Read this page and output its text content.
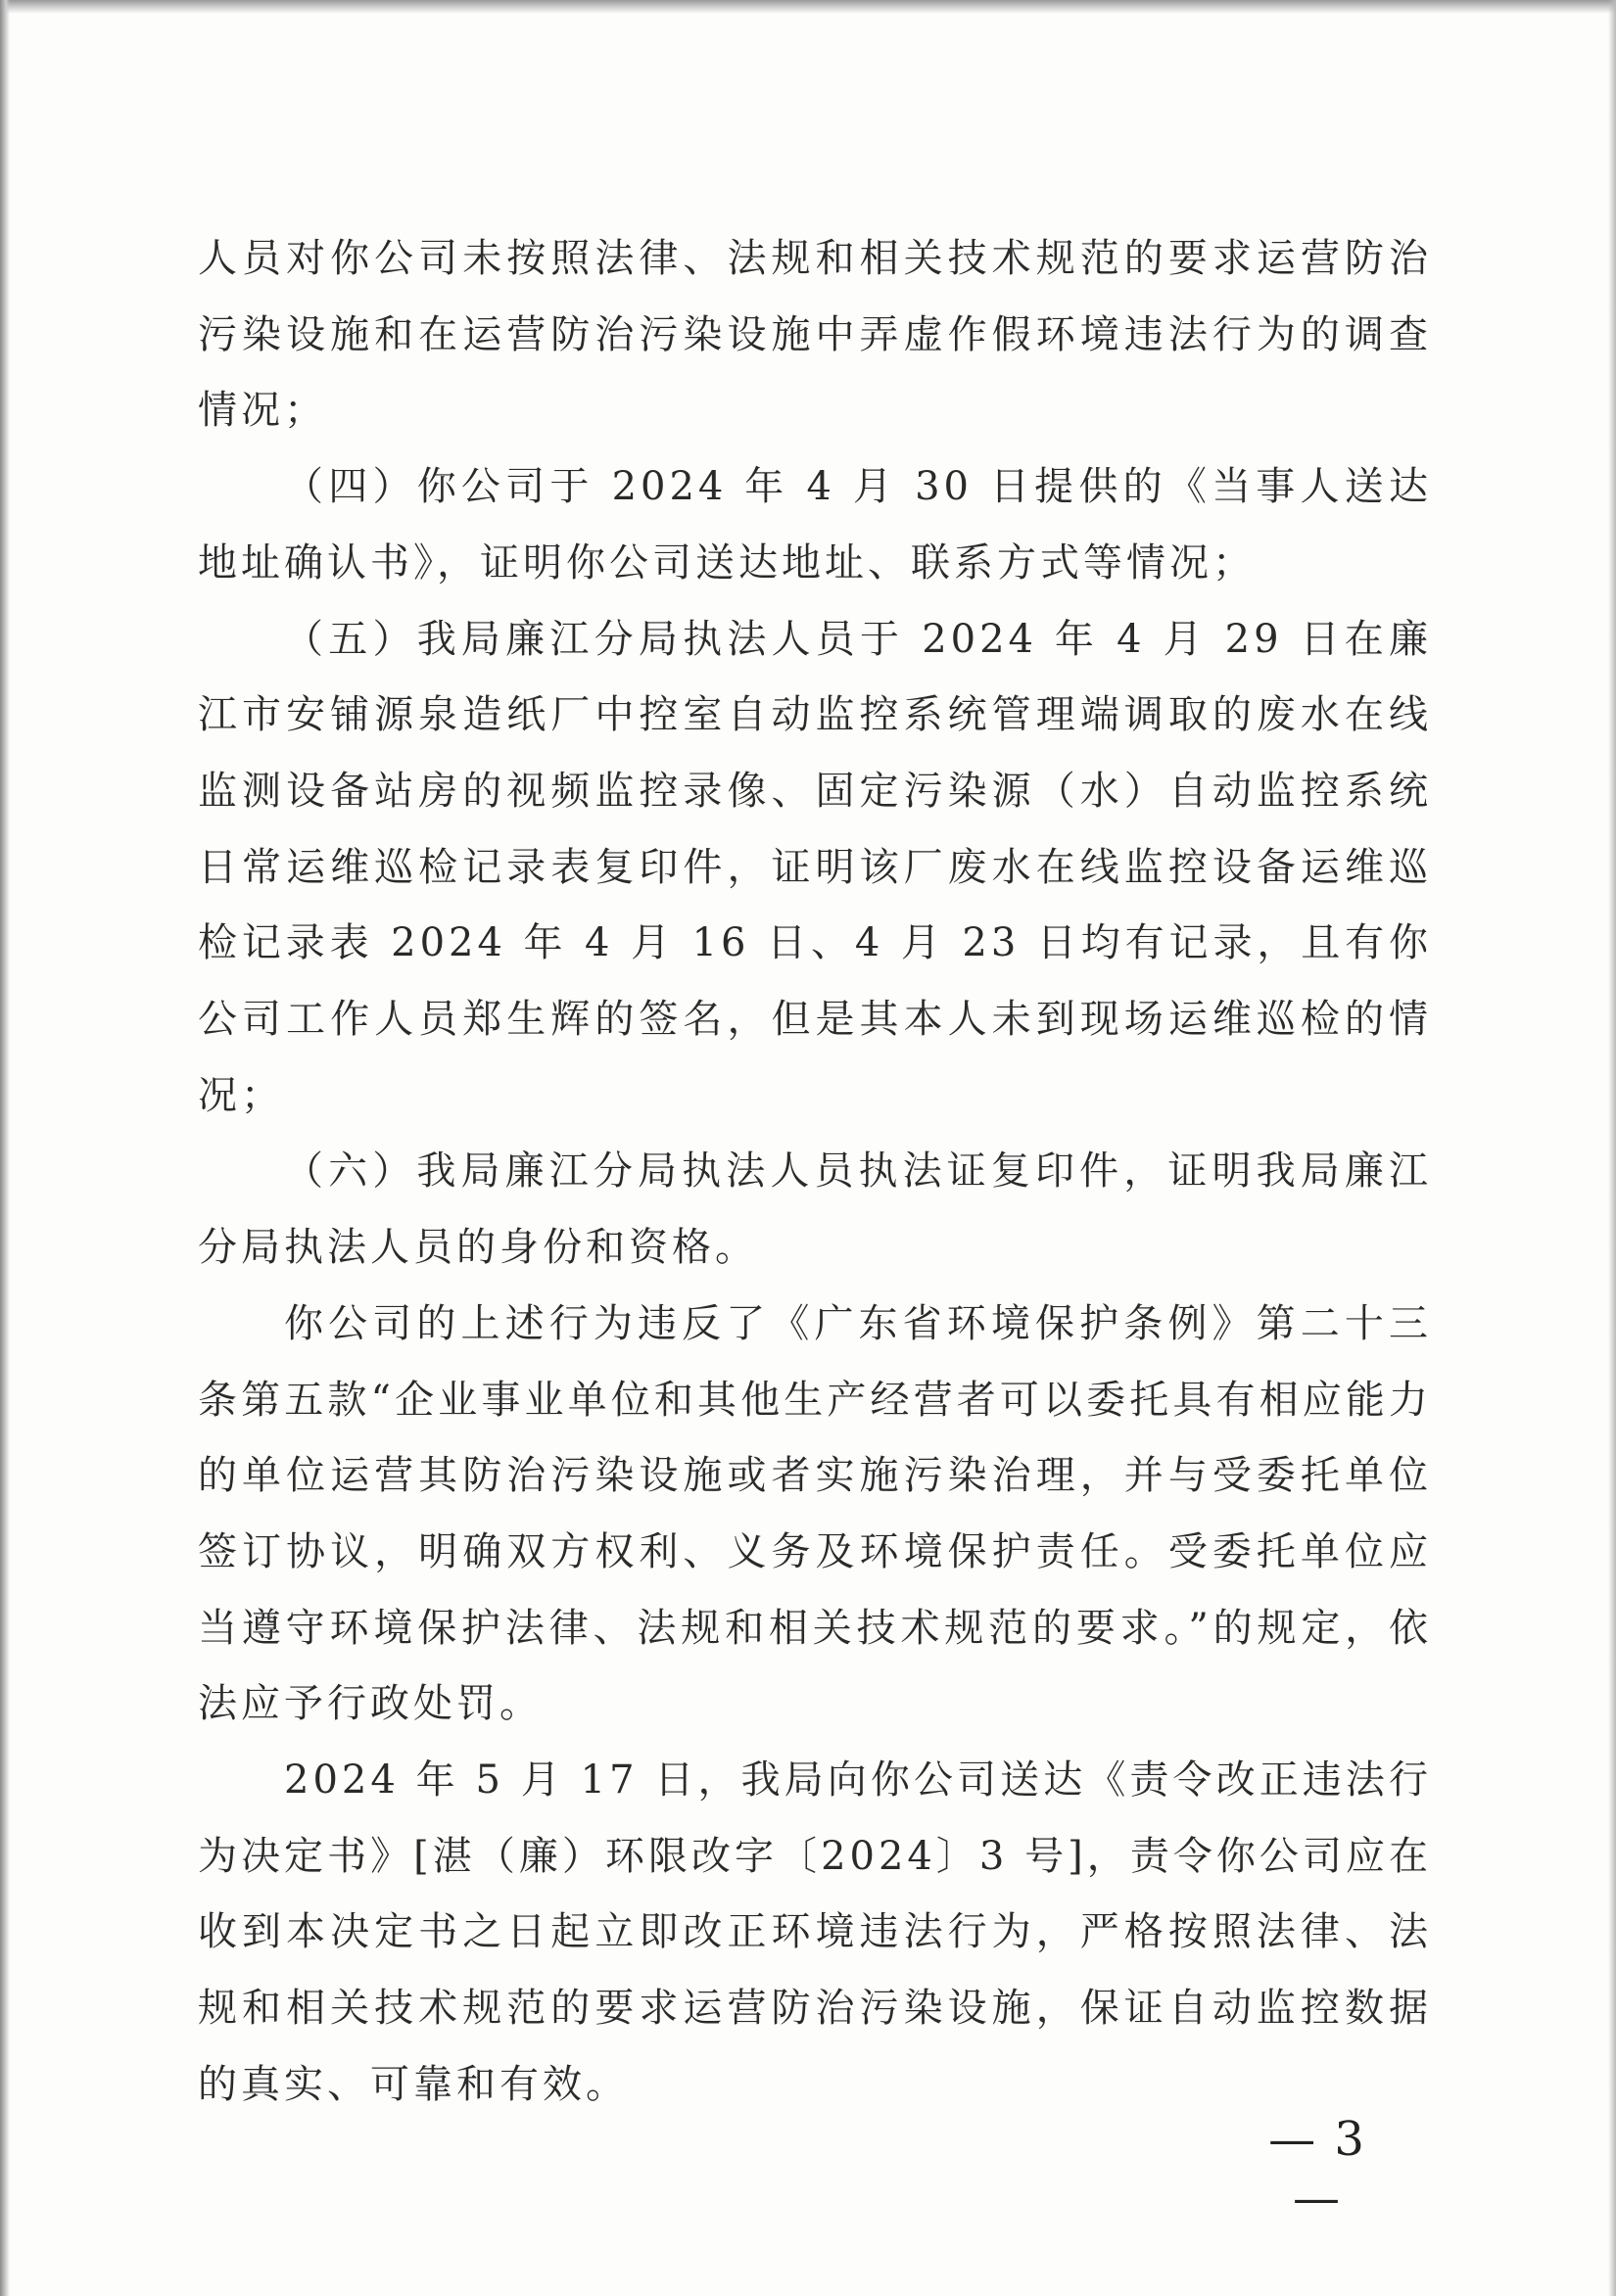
人员对你公司未按照法律、法规和相关技术规范的要求运营防治污染设施和在运营防治污染设施中弄虚作假环境违法行为的调查情况；

（四）你公司于 2024 年 4 月 30 日提供的《当事人送达地址确认书》，证明你公司送达地址、联系方式等情况；

（五）我局廉江分局执法人员于 2024 年 4 月 29 日在廉江市安铺源泉造纸厂中控室自动监控系统管理端调取的废水在线监测设备站房的视频监控录像、固定污染源（水）自动监控系统日常运维巡检记录表复印件，证明该厂废水在线监控设备运维巡检记录表 2024 年 4 月 16 日、4 月 23 日均有记录，且有你公司工作人员郑生辉的签名，但是其本人未到现场运维巡检的情况；

（六）我局廉江分局执法人员执法证复印件，证明我局廉江分局执法人员的身份和资格。

你公司的上述行为违反了《广东省环境保护条例》第二十三条第五款“企业事业单位和其他生产经营者可以委托具有相应能力的单位运营其防治污染设施或者实施污染治理，并与受委托单位签订协议，明确双方权利、义务及环境保护责任。受委托单位应当遵守环境保护法律、法规和相关技术规范的要求。”的规定，依法应予行政处罚。

2024 年 5 月 17 日，我局向你公司送达《责令改正违法行为决定书》[湛（廉）环限改字〔2024〕3 号]，责令你公司应在收到本决定书之日起立即改正环境违法行为，严格按照法律、法规和相关技术规范的要求运营防治污染设施，保证自动监控数据的真实、可靠和有效。

— 3 —
